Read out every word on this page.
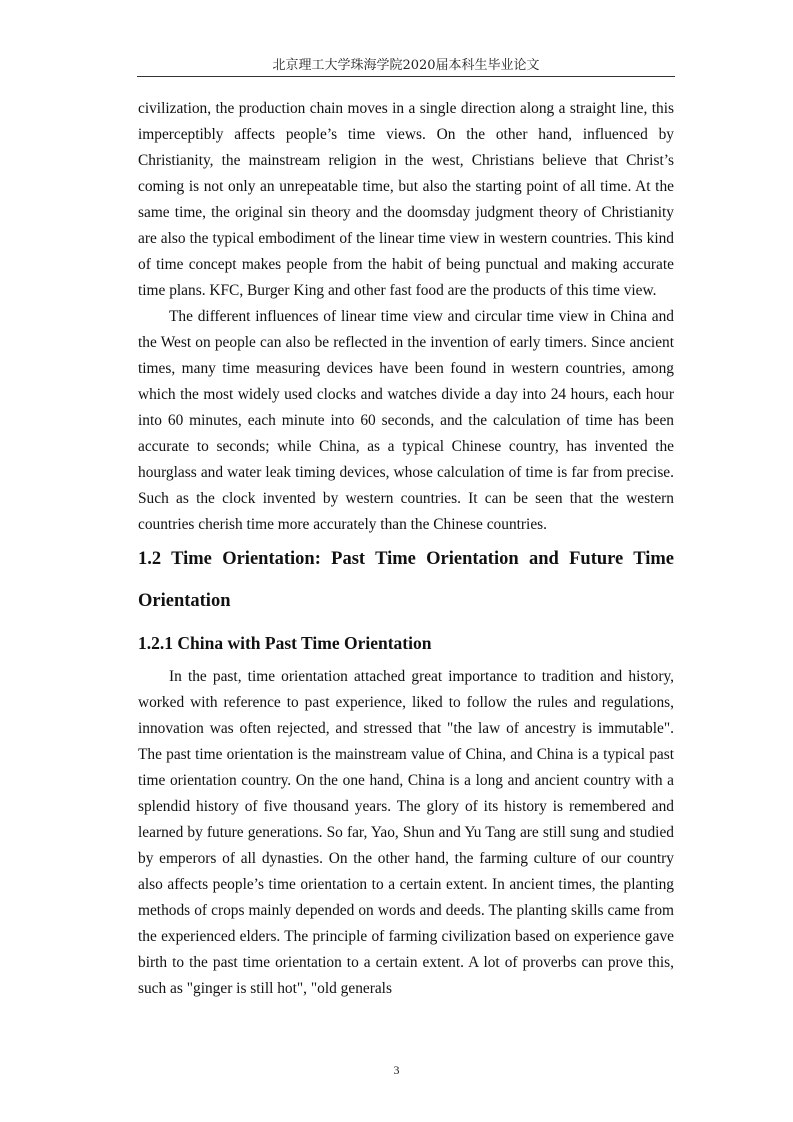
北京理工大学珠海学院2020届本科生毕业论文

civilization, the production chain moves in a single direction along a straight line, this imperceptibly affects people’s time views. On the other hand, influenced by Christianity, the mainstream religion in the west, Christians believe that Christ’s coming is not only an unrepeatable time, but also the starting point of all time. At the same time, the original sin theory and the doomsday judgment theory of Christianity are also the typical embodiment of the linear time view in western countries. This kind of time concept makes people from the habit of being punctual and making accurate time plans. KFC, Burger King and other fast food are the products of this time view.

The different influences of linear time view and circular time view in China and the West on people can also be reflected in the invention of early timers. Since ancient times, many time measuring devices have been found in western countries, among which the most widely used clocks and watches divide a day into 24 hours, each hour into 60 minutes, each minute into 60 seconds, and the calculation of time has been accurate to seconds; while China, as a typical Chinese country, has invented the hourglass and water leak timing devices, whose calculation of time is far from precise. Such as the clock invented by western countries. It can be seen that the western countries cherish time more accurately than the Chinese countries.

1.2 Time Orientation: Past Time Orientation and Future Time Orientation
1.2.1 China with Past Time Orientation

In the past, time orientation attached great importance to tradition and history, worked with reference to past experience, liked to follow the rules and regulations, innovation was often rejected, and stressed that "the law of ancestry is immutable". The past time orientation is the mainstream value of China, and China is a typical past time orientation country. On the one hand, China is a long and ancient country with a splendid history of five thousand years. The glory of its history is remembered and learned by future generations. So far, Yao, Shun and Yu Tang are still sung and studied by emperors of all dynasties. On the other hand, the farming culture of our country also affects people’s time orientation to a certain extent. In ancient times, the planting methods of crops mainly depended on words and deeds. The planting skills came from the experienced elders. The principle of farming civilization based on experience gave birth to the past time orientation to a certain extent. A lot of proverbs can prove this, such as "ginger is still hot", "old generals

3
